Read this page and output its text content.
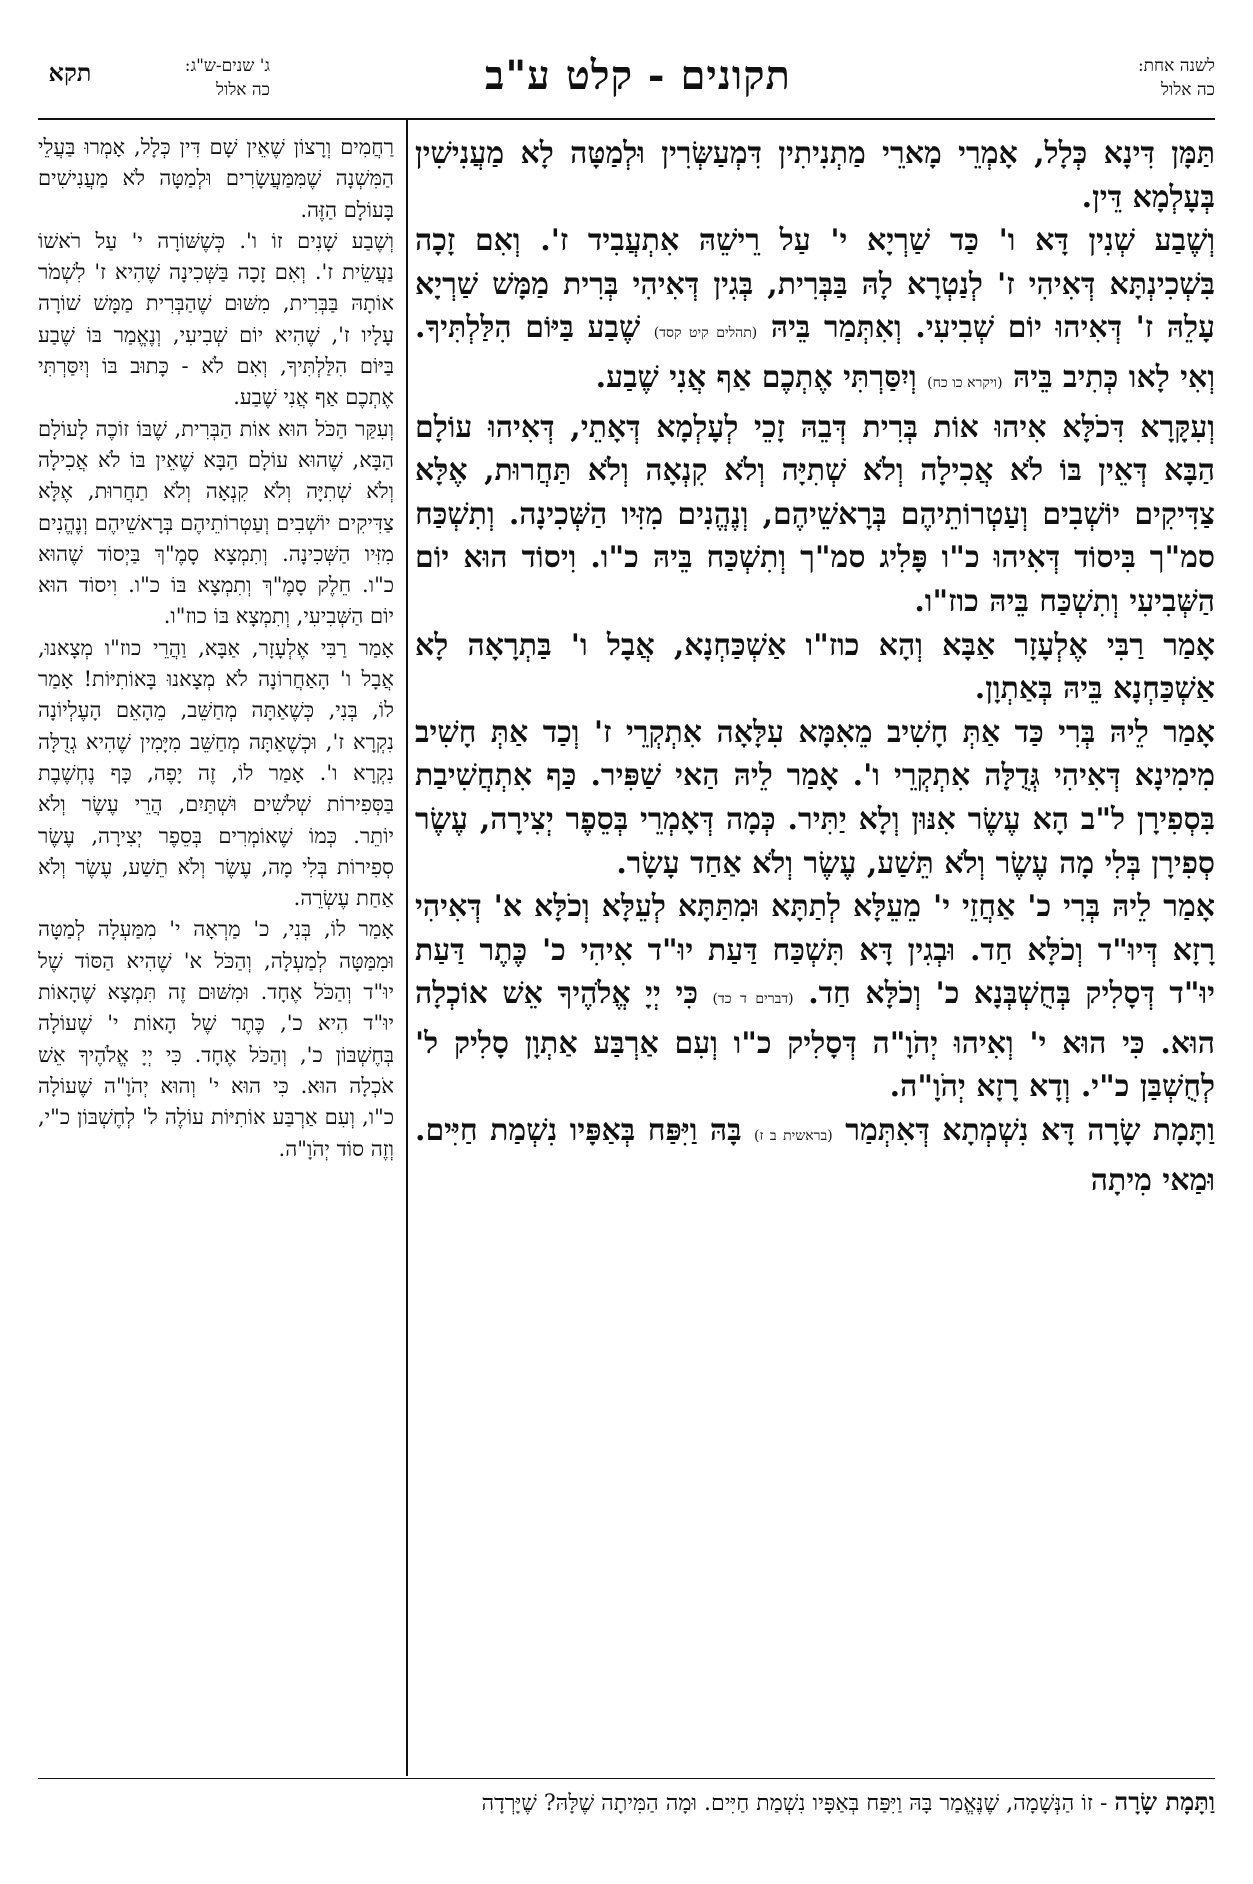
לשנה אחת:
כה אלול
תקונים - קלט ע"ב
ג' שנים-ש"ג:
כה אלול
תקא

תַּמָּן דִּינָא כְּלָל, אָמְרֵי מָארֵי מַתְנִיתִין דִּמְעַשְּׂרִין וּלְמַטָּה לָא מַעֲנִישִׁין בְּעָלְמָא דֵּין.

וְשֶׁבַע שְׁנִין דָּא ו' כַּד שַׁרְיָא י' עַל רֵישֵׁהּ אִתְעֲבִיד ז'. וְאִם זָכָה בִּשְׁכִינְתָּא דְּאִיהִי ז' לְנַטְרָא לָהּ בַּבְּרִית, בְּגִין דְּאִיהִי בְּרִית מַמָּשׁ שַׁרְיָא עָלֵהּ ז' דְּאִיהוּ יוֹם שְׁבִיעִי. וְאִתְּמַר בֵּיהּ (תהלים קיט קסד) שֶׁבַע בַּיּוֹם הִלַּלְתִּיךָ. וְאִי לָאו כְּתִיב בֵּיהּ (ויקרא כו כח) וְיִסַּרְתִּי אֶתְכֶם אַף אֲנִי שֶׁבַע.

וְעִקָּרָא דִּכֹלָּא אִיהוּ אוֹת בְּרִית דְּבֵהּ זָכֵי לְעָלְמָא דְּאָתֵי, דְּאִיהוּ עוֹלָם הַבָּא דְּאֵין בּוֹ לֹא אֲכִילָה וְלֹא שְׁתִיָּה וְלֹא קִנְאָה וְלֹא תַּחֲרוּת, אֶלָּא צַדִּיקִים יוֹשְׁבִים וְעַטְרוֹתֵיהֶם בְּרָאשֵׁיהֶם, וְנֶהֱנִים מִזִּיו הַשְּׁכִינָה. וְתִשְׁכַּח סמ"ך בִּיסוֹד דְּאִיהוּ כ"ו פָּלִיג סמ"ך וְתִשְׁכַּח בֵּיהּ כ"ו. וִיסוֹד הוּא יוֹם הַשְּׁבִיעִי וְתִשְׁכַּח בֵּיהּ כוז"ו.

אָמַר רַבִּי אֶלְעָזָר אַבָּא וְהָא כוז"ו אַשְׁכַּחְנָא, אֲבָל ו' בַּתְרָאָה לָא אַשְׁכַּחְנָא בֵּיהּ בְּאַתְוָן.

אָמַר לֵיהּ בְּרִי כַּד אַתְּ חָשִׁיב מֵאִמָּא עִלָּאָה אִתְקְרֵי ז' וְכַד אַתְּ חָשִׁיב מִימִינָא דְּאִיהִי גְּדֻלָּה אִתְקְרֵי ו'. אָמַר לֵיהּ הַאי שַׁפִּיר. כַּף אִתְחֲשִׁיבַת בִּסְפִירָן ל"ב הָא עֶשֶׂר אִנּוּן וְלָא יַתִּיר. כְּמָה דְּאָמְרֵי בְּסֵפֶר יְצִירָה, עֶשֶׂר סְפִירָן בְּלִי מָה עֶשֶׂר וְלֹא תֵּשַׁע, עֶשֶׂר וְלֹא אַחַד עָשָׂר.

אָמַר לֵיהּ בְּרִי כ' אַחֲזֵי י' מֵעֵלָּא לְתַתָּא וּמִתַּתָּא לְעֵלָּא וְכֹלָּא א' דְּאִיהִי רָזָא דְּיוּ"ד וְכֹלָּא חַד. וּבְגִין דָּא תִּשְׁכַּח דַּעַת יוּ"ד אִיהִי כ' כֶּתֶר דַּעַת יוּ"ד דְּסָלִיק בְּחֻשְׁבְּנָא כ' וְכֹלָּא חַד. (דברים ד כד) כִּי יְיָ אֱלֹהֶיךָ אֵשׁ אוֹכְלָה הוּא. כִּי הוּא י' וְאִיהוּ יְהֹוָ"ה דְּסָלִיק כ"ו וְעִם אַרְבַּע אַתְוָן סָלִיק ל' לְחֻשְׁבַּן כ"י. וְדָא רָזָא יְהֹוָ"ה.

וַתָּמָת שָׂרָה דָּא נִשְׁמְתָא דְּאִתְּמַר (בראשית ב ז) בָּהּ וַיִּפַּח בְּאַפָּיו נִשְׁמַת חַיִּים. וּמַאי מִיתָה

רַחֲמִים וְרָצוֹן שֶׁאֵין שָׁם דִּין כְּלָל, אָמְרוּ בַּעֲלֵי הַמִּשְׁנָה שֶׁמִּמַּעֲשָׂרִים וּלְמַטָּה לֹא מַעֲנִישִׁים בָּעוֹלָם הַזֶּה.

וְשֶׁבַע שָׁנִים זוֹ ו'. כְּשֶׁשּׁוֹרָה י' עַל רֹאשׁוֹ נַעֲשֵׂית ז'. וְאִם זָכָה בַּשְּׁכִינָה שֶׁהִיא ז' לִשְׁמֹר אוֹתָהּ בַּבְּרִית, מִשּׁוּם שֶׁהַבְּרִית מַמָּשׁ שׁוֹרָה עָלָיו ז', שֶׁהִיא יוֹם שְׁבִיעִי, וְנֶאֱמַר בּוֹ שֶׁבַע בַּיּוֹם הִלַּלְתִּיךָ, וְאִם לֹא - כָּתוּב בּוֹ וְיִסַּרְתִּי אֶתְכֶם אַף אֲנִי שֶׁבַע.

וְעִקַּר הַכֹּל הוּא אוֹת הַבְּרִית, שֶׁבּוֹ זוֹכֶה לָעוֹלָם הַבָּא, שֶׁהוּא עוֹלָם הַבָּא שֶׁאֵין בּוֹ לֹא אֲכִילָה וְלֹא שְׁתִיָּה וְלֹא קִנְאָה וְלֹא תַחֲרוּת, אֶלָּא צַדִּיקִים יוֹשְׁבִים וְעַטְרוֹתֵיהֶם בְּרָאשֵׁיהֶם וְנֶהֱנִים מִזִּיו הַשְּׁכִינָה. וְתִמְצָא סָמֶ"ךְ בַּיְסוֹד שֶׁהוּא כ"ו. חֵלֶק סָמֶ"ךְ וְתִמְצָא בּוֹ כ"ו. וִיסוֹד הוּא יוֹם הַשְּׁבִיעִי, וְתִמְצָא בּוֹ כוז"ו.

אָמַר רַבִּי אֶלְעָזָר, אַבָּא, וַהֲרֵי כוז"ו מְצָאנוּ, אֲבָל ו' הָאַחֲרוֹנָה לֹא מְצָאנוּ בָּאוֹתִיּוֹת! אָמַר לוֹ, בְּנִי, כְּשֶׁאַתָּה מְחַשֵּׁב, מֵהָאֵם הָעֶלְיוֹנָה נִקְרָא ז', וּכְשֶׁאַתָּה מְחַשֵּׁב מִיָּמִין שֶׁהִיא גְדֻלָּה נִקְרָא ו'. אָמַר לוֹ, זֶה יָפֶה, כָּף נֶחְשֶׁבֶת בַּסְּפִירוֹת שְׁלֹשִׁים וּשְׁתַּיִם, הֲרֵי עֶשֶׂר וְלֹא יוֹתֵר. כְּמוֹ שֶׁאוֹמְרִים בְּסֵפֶר יְצִירָה, עֶשֶׂר סְפִירוֹת בְּלִי מָה, עֶשֶׂר וְלֹא תֵשַׁע, עֶשֶׂר וְלֹא אַחַת עֶשְׂרֵה.

אָמַר לוֹ, בְּנִי, כ' מַרְאָה י' מִמַּעְלָה לְמַטָּה וּמִמַּטָּה לְמַעְלָה, וְהַכֹּל א' שֶׁהִיא הַסּוֹד שֶׁל יוּ"ד וְהַכֹּל אֶחָד. וּמִשּׁוּם זֶה תִּמְצָא שֶׁהָאוֹת יוּ"ד הִיא כ', כֶּתֶר שֶׁל הָאוֹת י' שֶׁעוֹלָה בְּחֶשְׁבּוֹן כ', וְהַכֹּל אֶחָד. כִּי יְיָ אֱלֹהֶיךָ אֵשׁ אֹכְלָה הוּא. כִּי הוּא י' וְהוּא יְהֹוָ"ה שֶׁעוֹלָה כ"ו, וְעִם אַרְבַּע אוֹתִיּוֹת עוֹלֶה ל' לְחֶשְׁבּוֹן כ"י, וְזֶה סוֹד יְהֹוָ"ה.

וַתָּמָת שָׂרָה - זוֹ הַנְּשָׁמָה, שֶׁנֶּאֱמַר בָּהּ וַיִּפַּח בְּאַפָּיו נִשְׁמַת חַיִּים. וּמָה הַמִּיתָה שֶׁלָּהּ? שֶׁיָּרְדָה
